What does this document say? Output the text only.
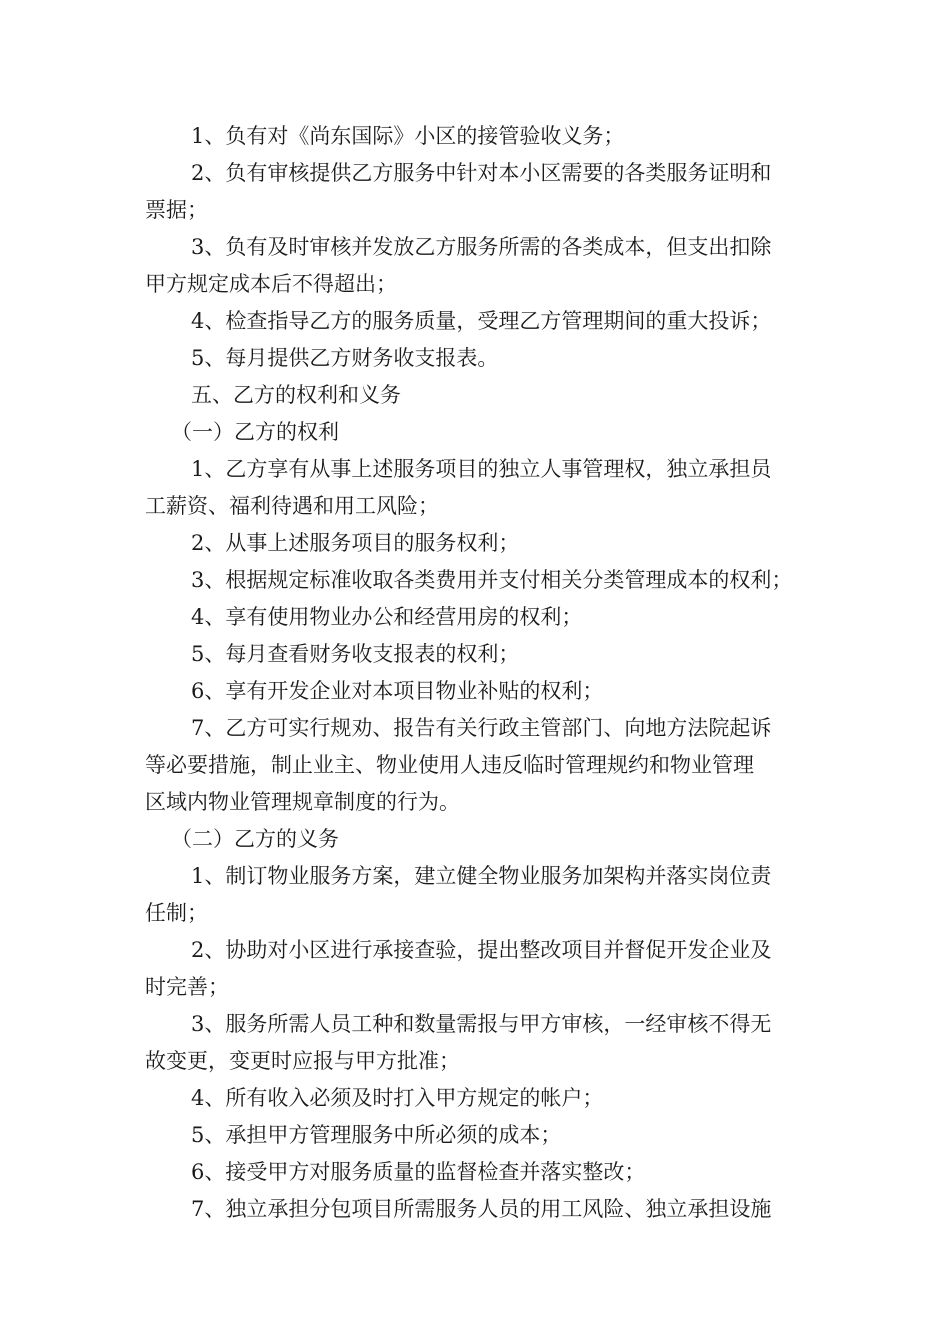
1、负有对《尚东国际》小区的接管验收义务；

2、负有审核提供乙方服务中针对本小区需要的各类服务证明和

票据；

3、负有及时审核并发放乙方服务所需的各类成本，但支出扣除

甲方规定成本后不得超出；

4、检查指导乙方的服务质量，受理乙方管理期间的重大投诉；

5、每月提供乙方财务收支报表。

五、乙方的权利和义务

（一）乙方的权利

1、乙方享有从事上述服务项目的独立人事管理权，独立承担员

工薪资、福利待遇和用工风险；

2、从事上述服务项目的服务权利；

3、根据规定标准收取各类费用并支付相关分类管理成本的权利；

4、享有使用物业办公和经营用房的权利；

5、每月查看财务收支报表的权利；

6、享有开发企业对本项目物业补贴的权利；

7、乙方可实行规劝、报告有关行政主管部门、向地方法院起诉

等必要措施，制止业主、物业使用人违反临时管理规约和物业管理

区域内物业管理规章制度的行为。

（二）乙方的义务

1、制订物业服务方案，建立健全物业服务加架构并落实岗位责

任制；

2、协助对小区进行承接查验，提出整改项目并督促开发企业及

时完善；

3、服务所需人员工种和数量需报与甲方审核，一经审核不得无

故变更，变更时应报与甲方批准；

4、所有收入必须及时打入甲方规定的帐户；

5、承担甲方管理服务中所必须的成本；

6、接受甲方对服务质量的监督检查并落实整改；

7、独立承担分包项目所需服务人员的用工风险、独立承担设施
